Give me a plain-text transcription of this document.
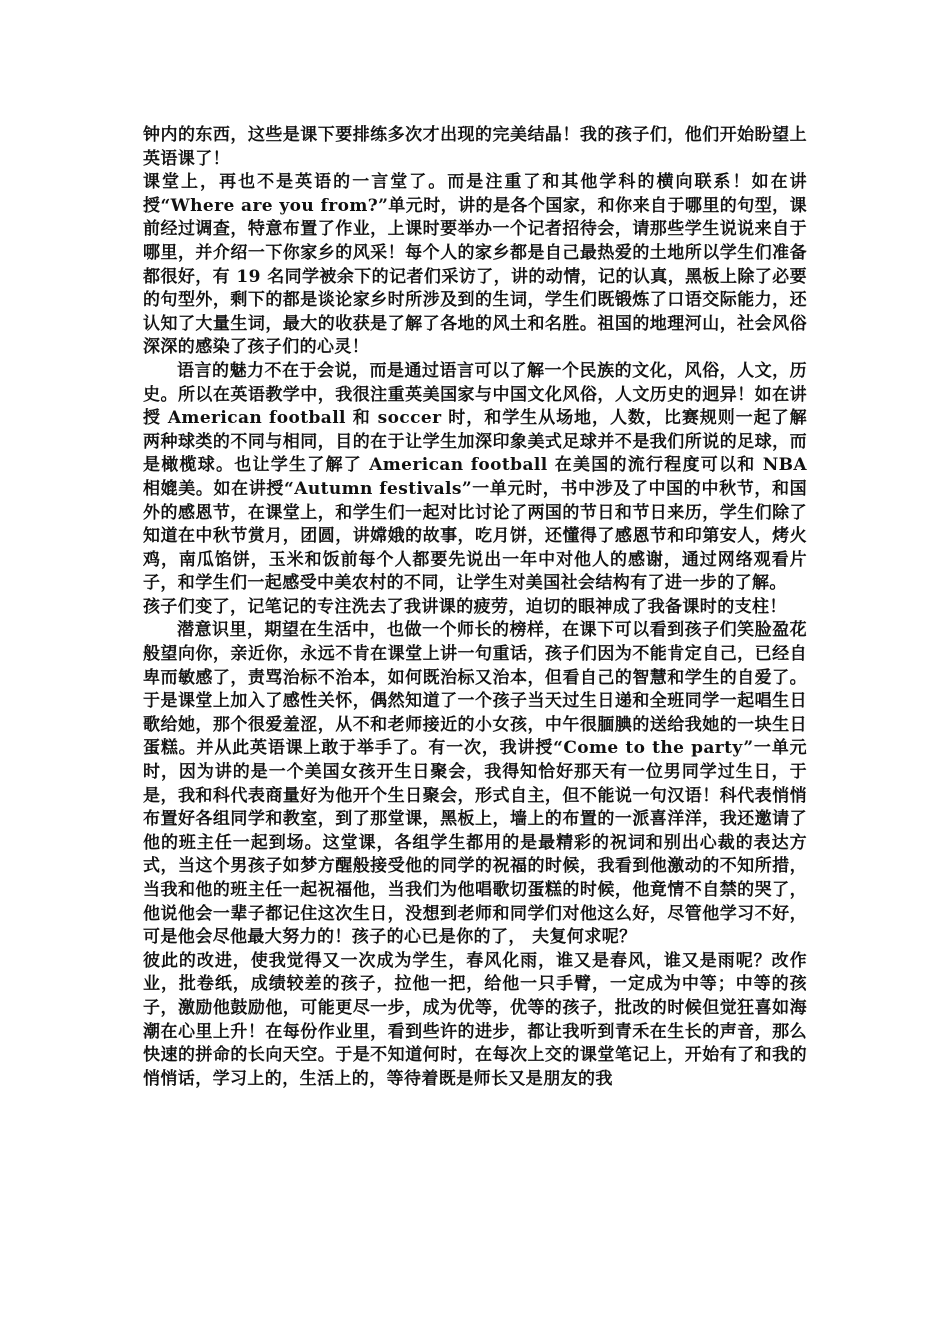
钟内的东西，这些是课下要排练多次才出现的完美结晶！我的孩子们，他们开始盼望上英语课了！

课堂上，再也不是英语的一言堂了。而是注重了和其他学科的横向联系！如在讲授“Where are you from?”单元时，讲的是各个国家，和你来自于哪里的句型，课前经过调查，特意布置了作业，上课时要举办一个记者招待会，请那些学生说说来自于哪里，并介绍一下你家乡的风采！每个人的家乡都是自己最热爱的土地所以学生们准备都很好，有 19 名同学被余下的记者们采访了，讲的动情，记的认真，黑板上除了必要的句型外，剩下的都是谈论家乡时所涉及到的生词，学生们既锻炼了口语交际能力，还认知了大量生词，最大的收获是了解了各地的风土和名胜。祖国的地理河山，社会风俗深深的感染了孩子们的心灵！

语言的魅力不在于会说，而是通过语言可以了解一个民族的文化，风俗，人文，历史。所以在英语教学中，我很注重英美国家与中国文化风俗，人文历史的迥异！如在讲授 American football 和 soccer 时，和学生从场地，人数，比赛规则一起了解两种球类的不同与相同，目的在于让学生加深印象美式足球并不是我们所说的足球，而是橄榄球。也让学生了解了 American football 在美国的流行程度可以和 NBA 相媲美。如在讲授“Autumn festivals”一单元时，书中涉及了中国的中秋节，和国外的感恩节，在课堂上，和学生们一起对比讨论了两国的节日和节日来历，学生们除了知道在中秋节赏月，团圆，讲嫦娥的故事，吃月饼，还懂得了感恩节和印第安人，烤火鸡，南瓜馅饼，玉米和饭前每个人都要先说出一年中对他人的感谢，通过网络观看片子，和学生们一起感受中美农村的不同，让学生对美国社会结构有了进一步的了解。

孩子们变了，记笔记的专注洗去了我讲课的疲劳，迫切的眼神成了我备课时的支柱！

潜意识里，期望在生活中，也做一个师长的榜样，在课下可以看到孩子们笑脸盈花般望向你，亲近你，永远不肯在课堂上讲一句重话，孩子们因为不能肯定自己，已经自卑而敏感了，责骂治标不治本，如何既治标又治本，但看自己的智慧和学生的自爱了。于是课堂上加入了感性关怀，偶然知道了一个孩子当天过生日递和全班同学一起唱生日歌给她，那个很爱羞涩，从不和老师接近的小女孩，中午很腼腆的送给我她的一块生日蛋糕。并从此英语课上敢于举手了。有一次，我讲授“Come to the party”一单元时，因为讲的是一个美国女孩开生日聚会，我得知恰好那天有一位男同学过生日，于是，我和科代表商量好为他开个生日聚会，形式自主，但不能说一句汉语！科代表悄悄布置好各组同学和教室，到了那堂课，黑板上，墙上的布置的一派喜洋洋，我还邀请了他的班主任一起到场。这堂课，各组学生都用的是最精彩的祝词和别出心裁的表达方式，当这个男孩子如梦方醒般接受他的同学的祝福的时候，我看到他激动的不知所措，当我和他的班主任一起祝福他，当我们为他唱歌切蛋糕的时候，他竟情不自禁的哭了，他说他会一辈子都记住这次生日，没想到老师和同学们对他这么好，尽管他学习不好，可是他会尽他最大努力的！孩子的心已是你的了， 夫复何求呢？

彼此的改进，使我觉得又一次成为学生，春风化雨，谁又是春风，谁又是雨呢？改作业，批卷纸，成绩较差的孩子，拉他一把，给他一只手臂，一定成为中等；中等的孩子，激励他鼓励他，可能更尽一步，成为优等，优等的孩子，批改的时候但觉狂喜如海潮在心里上升！在每份作业里，看到些许的进步，都让我听到青禾在生长的声音，那么快速的拼命的长向天空。于是不知道何时，在每次上交的课堂笔记上，开始有了和我的悄悄话，学习上的，生活上的，等待着既是师长又是朋友的我
